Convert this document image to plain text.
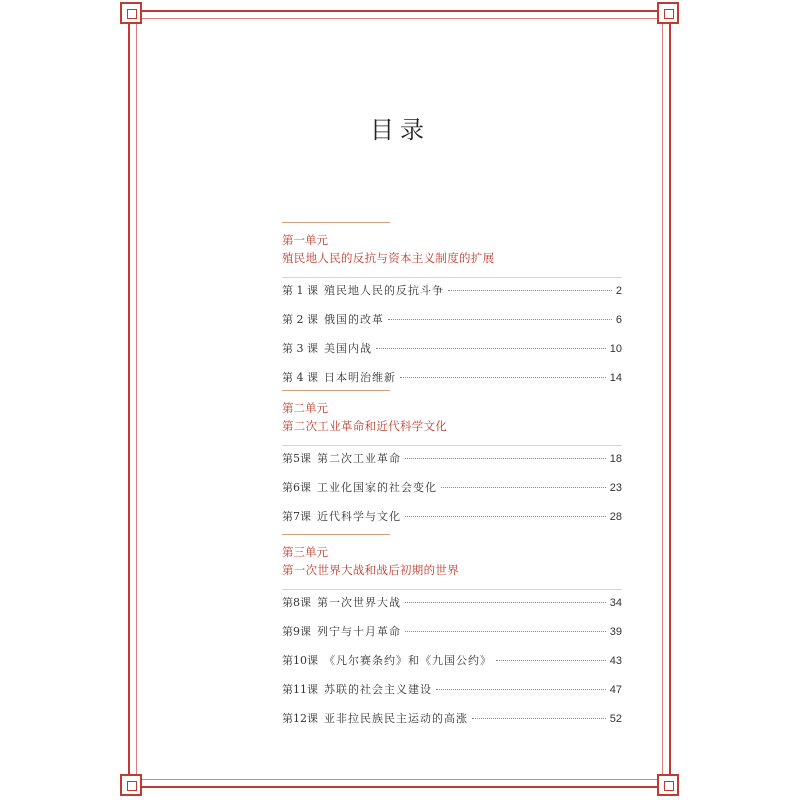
目录
第一单元
殖民地人民的反抗与资本主义制度的扩展
第 1 课 殖民地人民的反抗斗争	2
第 2 课 俄国的改革	6
第 3 课 美国内战	10
第 4 课 日本明治维新	14
第二单元
第二次工业革命和近代科学文化
第5课 第二次工业革命	18
第6课 工业化国家的社会变化	23
第7课 近代科学与文化	28
第三单元
第一次世界大战和战后初期的世界
第8课 第一次世界大战	34
第9课 列宁与十月革命	39
第10课 《凡尔赛条约》和《九国公约》	43
第11课 苏联的社会主义建设	47
第12课 亚非拉民族民主运动的高涨	52
